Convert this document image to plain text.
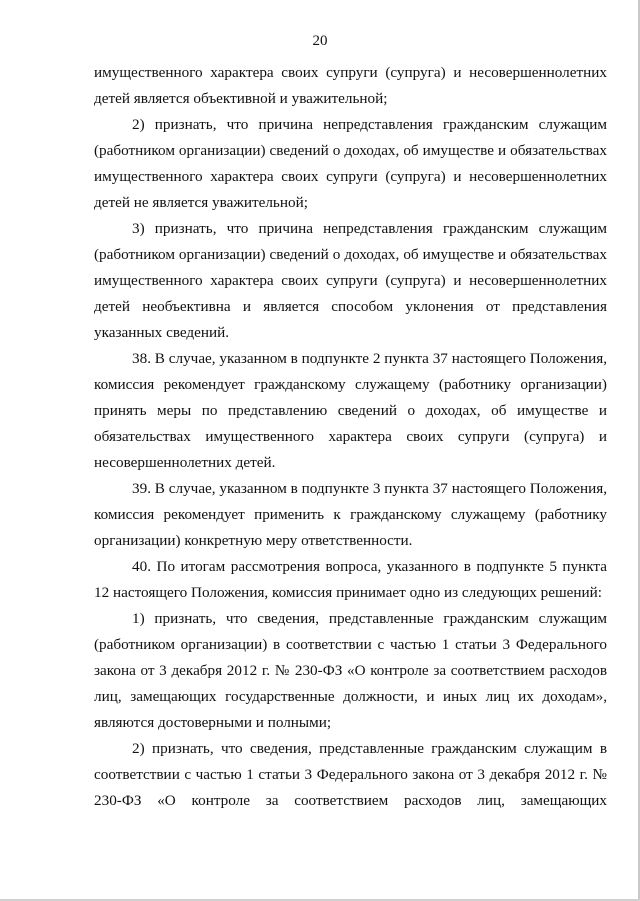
20

имущественного характера своих супруги (супруга) и несовершеннолетних детей является объективной и уважительной;

2) признать, что причина непредставления гражданским служащим (работником организации) сведений о доходах, об имуществе и обязательствах имущественного характера своих супруги (супруга) и несовершеннолетних детей не является уважительной;

3) признать, что причина непредставления гражданским служащим (работником организации) сведений о доходах, об имуществе и обязательствах имущественного характера своих супруги (супруга) и несовершеннолетних детей необъективна и является способом уклонения от представления указанных сведений.

38. В случае, указанном в подпункте 2 пункта 37 настоящего Положения, комиссия рекомендует гражданскому служащему (работнику организации) принять меры по представлению сведений о доходах, об имуществе и обязательствах имущественного характера своих супруги (супруга) и несовершеннолетних детей.

39. В случае, указанном в подпункте 3 пункта 37 настоящего Положения, комиссия рекомендует применить к гражданскому служащему (работнику организации) конкретную меру ответственности.

40. По итогам рассмотрения вопроса, указанного в подпункте 5 пункта 12 настоящего Положения, комиссия принимает одно из следующих решений:

1) признать, что сведения, представленные гражданским служащим (работником организации) в соответствии с частью 1 статьи 3 Федерального закона от 3 декабря 2012 г. № 230-ФЗ «О контроле за соответствием расходов лиц, замещающих государственные должности, и иных лиц их доходам», являются достоверными и полными;

2) признать, что сведения, представленные гражданским служащим в соответствии с частью 1 статьи 3 Федерального закона от 3 декабря 2012 г. № 230-ФЗ «О контроле за соответствием расходов лиц, замещающих
